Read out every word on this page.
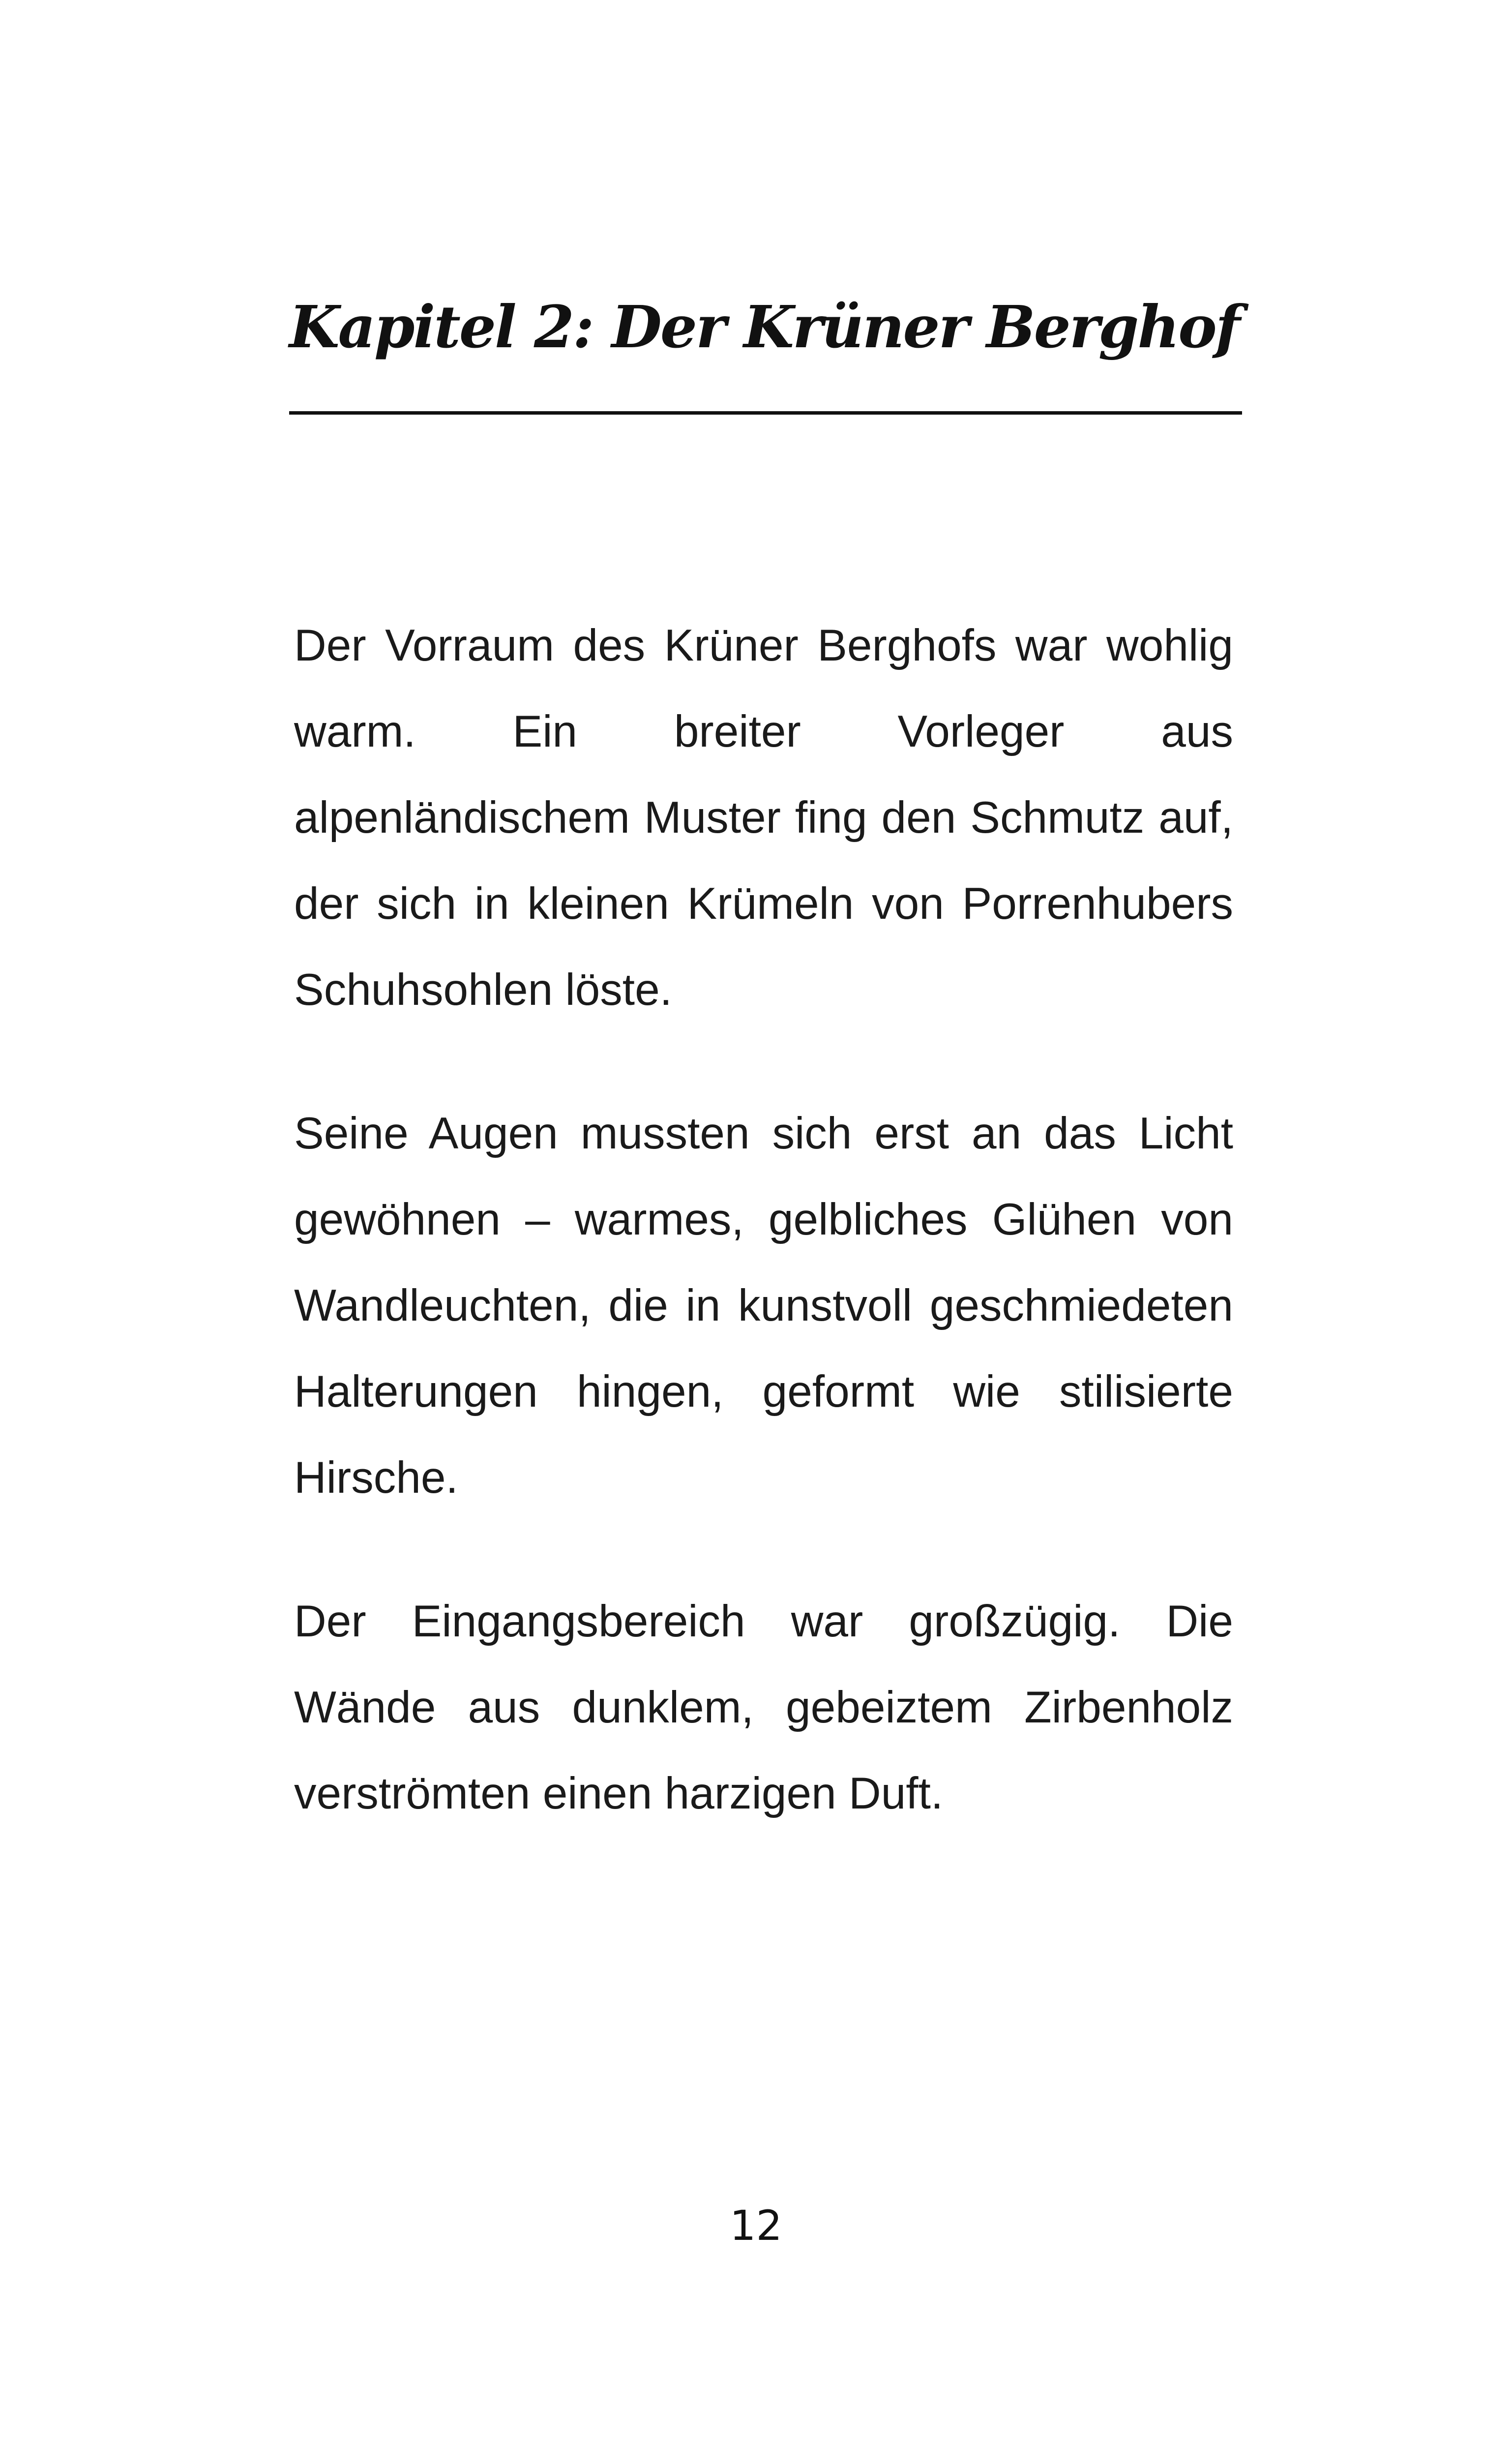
Kapitel 2: Der Krüner Berghof

Der Vorraum des Krüner Berghofs war wohlig warm. Ein breiter Vorleger aus alpenländischem Muster fing den Schmutz auf, der sich in kleinen Krümeln von Porrenhubers Schuhsohlen löste.

Seine Augen mussten sich erst an das Licht gewöhnen – warmes, gelbliches Glühen von Wandleuchten, die in kunstvoll geschmiedeten Halterungen hingen, geformt wie stilisierte Hirsche.

Der Eingangsbereich war großzügig. Die Wände aus dunklem, gebeiztem Zirbenholz verströmten einen harzigen Duft.

12
